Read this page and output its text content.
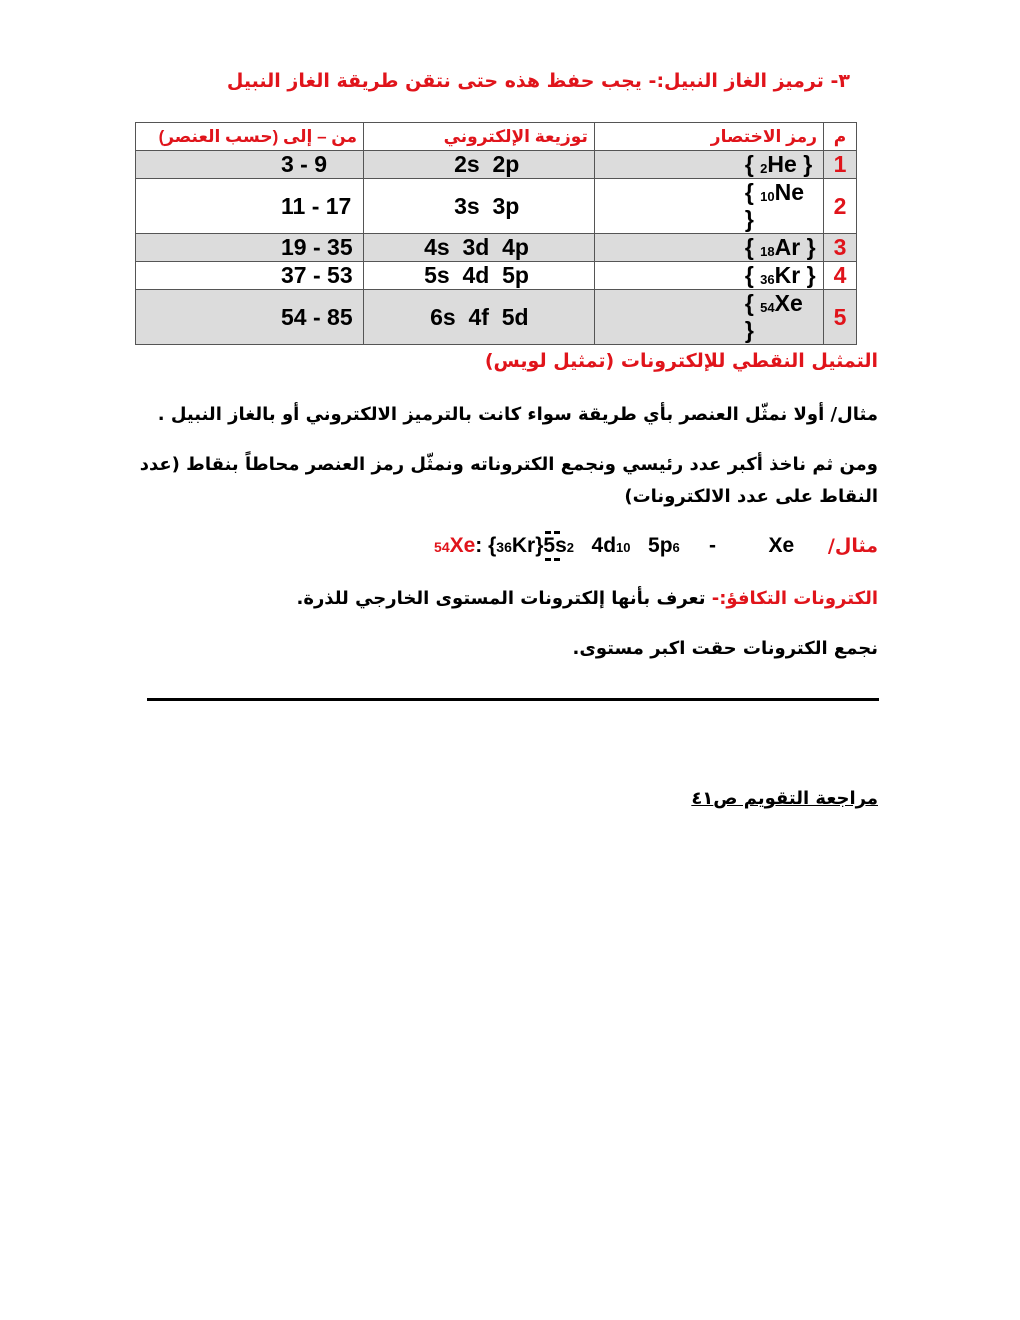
٣- ترميز الغاز النبيل:- يجب حفظ هذه حتى نتقن طريقة الغاز النبيل
م	رمز الاختصار	توزيعة الإلكتروني	من – إلى (حسب العنصر)
1	{ 2He }	2s  2p	3 - 9
2	{ 10Ne }	3s  3p	11 - 17
3	{ 18Ar }	4s  3d  4p	19 - 35
4	{ 36Kr }	5s  4d  5p	37 - 53
5	{ 54Xe }	6s  4f  5d	54 - 85
التمثيل النقطي للإلكترونات (تمثيل لويس)
مثال/ أولا نمثّل العنصر بأي طريقة سواء كانت بالترميز الالكتروني أو بالغاز النبيل .
ومن ثم ناخذ أكبر عدد رئيسي ونجمع الكتروناته ونمثّل رمز العنصر محاطاً بنقاط (عدد النقاط على عدد الالكترونات)
مثال/
54Xe: {36Kr}
5s2 4d10 5p6 -	Xe
الكترونات التكافؤ:- تعرف بأنها إلكترونات المستوى الخارجي للذرة.
نجمع الكترونات حقت اكبر مستوى.
مراجعة التقويم ص٤١
